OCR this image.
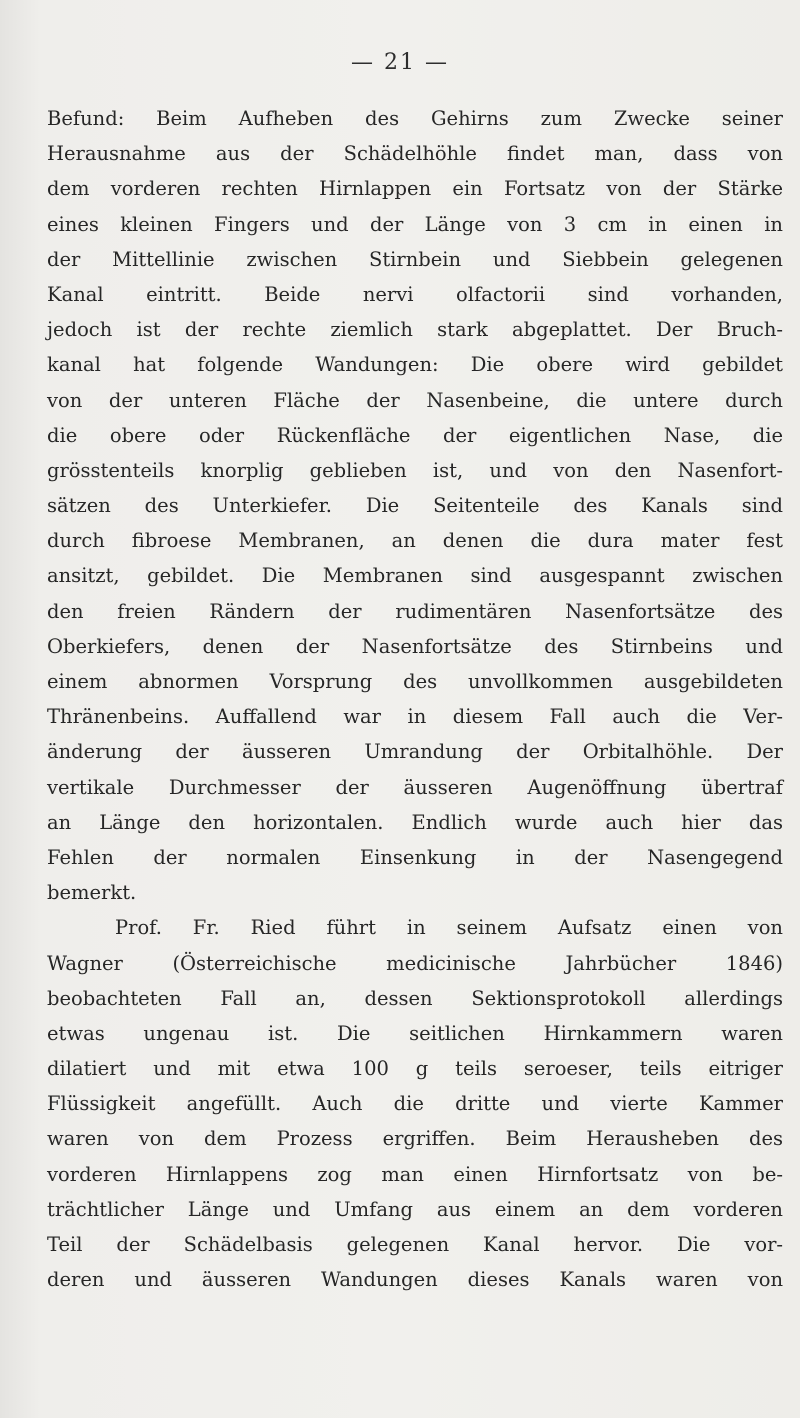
— 21 —
Befund: Beim Aufheben des Gehirns zum Zwecke seiner
Herausnahme aus der Schädelhöhle findet man, dass von
dem vorderen rechten Hirnlappen ein Fortsatz von der Stärke
eines kleinen Fingers und der Länge von 3 cm in einen in
der Mittellinie zwischen Stirnbein und Siebbein gelegenen
Kanal eintritt. Beide nervi olfactorii sind vorhanden,
jedoch ist der rechte ziemlich stark abgeplattet. Der Bruch-
kanal hat folgende Wandungen: Die obere wird gebildet
von der unteren Fläche der Nasenbeine, die untere durch
die obere oder Rückenfläche der eigentlichen Nase, die
grösstenteils knorplig geblieben ist, und von den Nasenfort-
sätzen des Unterkiefer. Die Seitenteile des Kanals sind
durch fibroese Membranen, an denen die dura mater fest
ansitzt, gebildet. Die Membranen sind ausgespannt zwischen
den freien Rändern der rudimentären Nasenfortsätze des
Oberkiefers, denen der Nasenfortsätze des Stirnbeins und
einem abnormen Vorsprung des unvollkommen ausgebildeten
Thränenbeins. Auffallend war in diesem Fall auch die Ver-
änderung der äusseren Umrandung der Orbitalhöhle. Der
vertikale Durchmesser der äusseren Augenöffnung übertraf
an Länge den horizontalen. Endlich wurde auch hier das
Fehlen der normalen Einsenkung in der Nasengegend
bemerkt.
Prof. Fr. Ried führt in seinem Aufsatz einen von
Wagner (Österreichische medicinische Jahrbücher 1846)
beobachteten Fall an, dessen Sektionsprotokoll allerdings
etwas ungenau ist. Die seitlichen Hirnkammern waren
dilatiert und mit etwa 100 g teils seroeser, teils eitriger
Flüssigkeit angefüllt. Auch die dritte und vierte Kammer
waren von dem Prozess ergriffen. Beim Herausheben des
vorderen Hirnlappens zog man einen Hirnfortsatz von be-
trächtlicher Länge und Umfang aus einem an dem vorderen
Teil der Schädelbasis gelegenen Kanal hervor. Die vor-
deren und äusseren Wandungen dieses Kanals waren von
